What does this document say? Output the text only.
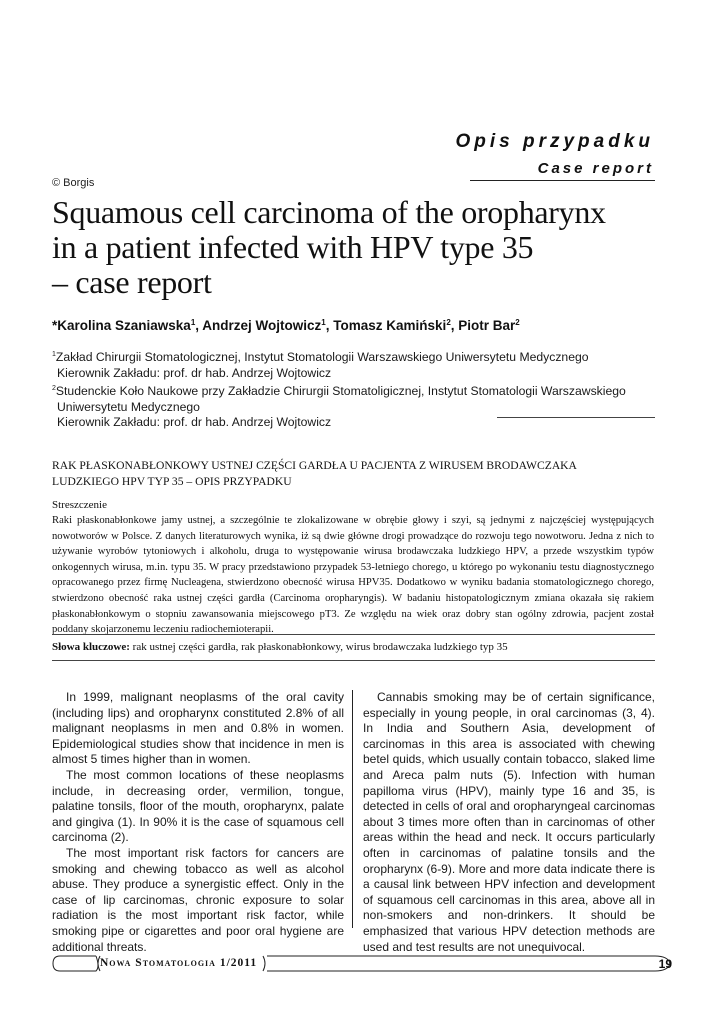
Opis przypadku
Case report
© Borgis
Squamous cell carcinoma of the oropharynx
in a patient infected with HPV type 35
– case report
*Karolina Szaniawska$^1$, Andrzej Wojtowicz$^1$, Tomasz Kamiński$^2$, Piotr Bar$^2$
$^1$Zakład Chirurgii Stomatologicznej, Instytut Stomatologii Warszawskiego Uniwersytetu Medycznego
Kierownik Zakładu: prof. dr hab. Andrzej Wojtowicz
$^2$Studenckie Koło Naukowe przy Zakładzie Chirurgii Stomatoligicznej, Instytut Stomatologii Warszawskiego
Uniwersytetu Medycznego
Kierownik Zakładu: prof. dr hab. Andrzej Wojtowicz
RAK PŁASKONABŁONKOWY USTNEJ CZĘŚCI GARDŁA U PACJENTA Z WIRUSEM BRODAWCZAKA
LUDZKIEGO HPV TYP 35 – OPIS PRZYPADKU
Streszczenie
Raki płaskonabłonkowe jamy ustnej, a szczególnie te zlokalizowane w obrębie głowy i szyi, są jednymi z najczęściej występujących nowotworów w Polsce. Z danych literaturowych wynika, iż są dwie główne drogi prowadzące do rozwoju tego nowotworu. Jedna z nich to używanie wyrobów tytoniowych i alkoholu, druga to występowanie wirusa brodawczaka ludzkiego HPV, a przede wszystkim typów onkogennych wirusa, m.in. typu 35. W pracy przedstawiono przypadek 53-letniego chorego, u którego po wykonaniu testu diagnostycznego opracowanego przez firmę Nucleagena, stwierdzono obecność wirusa HPV35. Dodatkowo w wyniku badania stomatologicznego chorego, stwierdzono obecność raka ustnej części gardła (Carcinoma oropharyngis). W badaniu histopatologicznym zmiana okazała się rakiem płaskonabłonkowym o stopniu zawansowania miejscowego pT3. Ze względu na wiek oraz dobry stan ogólny zdrowia, pacjent został poddany skojarzonemu leczeniu radiochemioterapii.
Słowa kluczowe: rak ustnej części gardła, rak płaskonabłonkowy, wirus brodawczaka ludzkiego typ 35

In 1999, malignant neoplasms of the oral cavity (including lips) and oropharynx constituted 2.8% of all malignant neoplasms in men and 0.8% in women. Epidemiological studies show that incidence in men is almost 5 times higher than in women.

The most common locations of these neoplasms include, in decreasing order, vermilion, tongue, palatine tonsils, floor of the mouth, oropharynx, palate and gingiva (1). In 90% it is the case of squamous cell carcinoma (2).

The most important risk factors for cancers are smoking and chewing tobacco as well as alcohol abuse. They produce a synergistic effect. Only in the case of lip carcinomas, chronic exposure to solar radiation is the most important risk factor, while smoking pipe or cigarettes and poor oral hygiene are additional threats.

Cannabis smoking may be of certain significance, especially in young people, in oral carcinomas (3, 4). In India and Southern Asia, development of carcinomas in this area is associated with chewing betel quids, which usually contain tobacco, slaked lime and Areca palm nuts (5). Infection with human papilloma virus (HPV), mainly type 16 and 35, is detected in cells of oral and oropharyngeal carcinomas about 3 times more often than in carcinomas of other areas within the head and neck. It occurs particularly often in carcinomas of palatine tonsils and the oropharynx (6-9). More and more data indicate there is a causal link between HPV infection and development of squamous cell carcinomas in this area, above all in non-smokers and non-drinkers. It should be emphasized that various HPV detection methods are used and test results are not unequivocal.

Nowa Stomatologia 1/2011	19
